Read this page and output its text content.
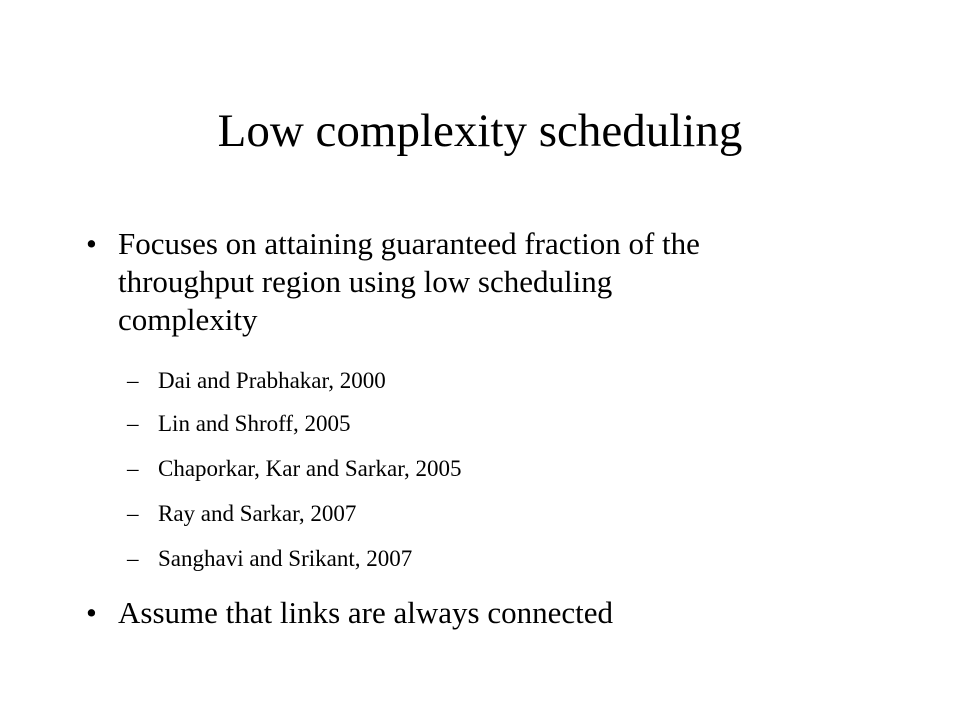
Low complexity scheduling
• Focuses on attaining guaranteed fraction of the throughput region using low scheduling complexity
– Dai and Prabhakar, 2000
– Lin and Shroff, 2005
– Chaporkar, Kar and Sarkar, 2005
– Ray and Sarkar, 2007
– Sanghavi and Srikant, 2007
• Assume that links are always connected
